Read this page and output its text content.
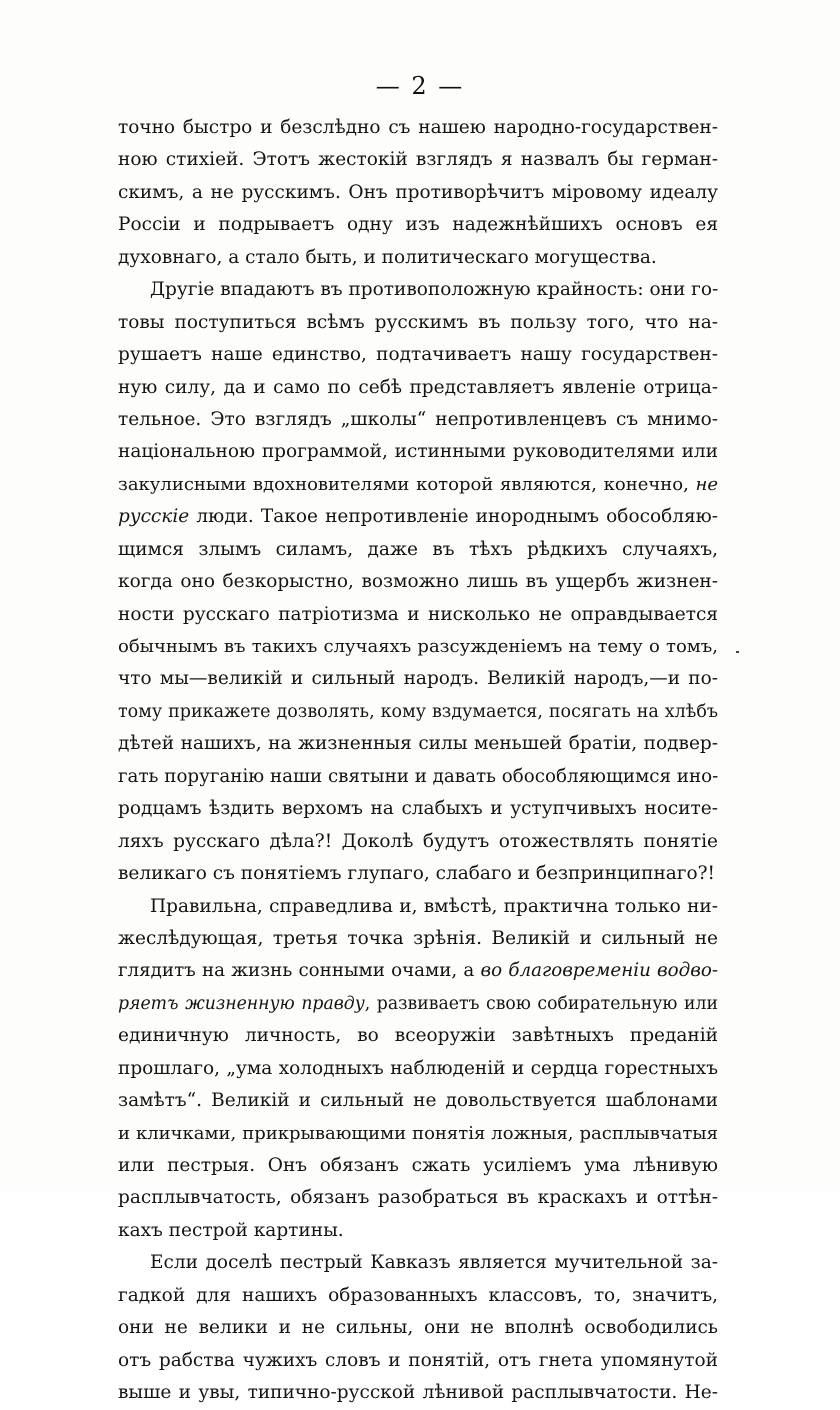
— 2 —
точно быстро и безслѣдно съ нашею народно-государствен-
ною стихiей. Этотъ жестокiй взглядъ я назвалъ бы герман-
скимъ, а не русскимъ. Онъ противорѣчитъ мiровому идеалу
Россiи и подрываетъ одну изъ надежнѣйшихъ основъ ея
духовнаго, а стало быть, и политическаго могущества.
Другiе впадаютъ въ противоположную крайность: они го-
товы поступиться всѣмъ русскимъ въ пользу того, что на-
рушаетъ наше единство, подтачиваетъ нашу государствен-
ную силу, да и само по себѣ представляетъ явленiе отрица-
тельное. Это взглядъ „школы“ непротивленцевъ съ мнимо-
нацiональною программой, истинными руководителями или
закулисными вдохновителями которой являются, конечно, не
русскiе люди. Такое непротивленiе инороднымъ обособляю-
щимся злымъ силамъ, даже въ тѣхъ рѣдкихъ случаяхъ,
когда оно безкорыстно, возможно лишь въ ущербъ жизнен-
ности русскаго патрiотизма и нисколько не оправдывается
обычнымъ въ такихъ случаяхъ разсужденiемъ на тему о томъ,
что мы—великiй и сильный народъ. Великiй народъ,—и по-
тому прикажете дозволять, кому вздумается, посягать на хлѣбъ
дѣтей нашихъ, на жизненныя силы меньшей братiи, подвер-
гать поруганiю наши святыни и давать обособляющимся ино-
родцамъ ѣздить верхомъ на слабыхъ и уступчивыхъ носите-
ляхъ русскаго дѣла?! Доколѣ будутъ отожествлять понятiе
великаго съ понятiемъ глупаго, слабаго и безпринципнаго?!
Правильна, справедлива и, вмѣстѣ, практична только ни-
жеслѣдующая, третья точка зрѣнiя. Великiй и сильный не
глядитъ на жизнь сонными очами, а во благовременiи водво-
ряетъ жизненную правду, развиваетъ свою собирательную или
единичную личность, во всеоружiи завѣтныхъ преданiй
прошлаго, „ума холодныхъ наблюденiй и сердца горестныхъ
замѣтъ“. Великiй и сильный не довольствуется шаблонами
и кличками, прикрывающими понятiя ложныя, расплывчатыя
или пестрыя. Онъ обязанъ сжать усилiемъ ума лѣнивую
расплывчатость, обязанъ разобраться въ краскахъ и оттѣн-
кахъ пестрой картины.
Если доселѣ пестрый Кавказъ является мучительной за-
гадкой для нашихъ образованныхъ классовъ, то, значитъ,
они не велики и не сильны, они не вполнѣ освободились
отъ рабства чужихъ словъ и понятiй, отъ гнета упомянутой
выше и увы, типично-русской лѣнивой расплывчатости. Не-
